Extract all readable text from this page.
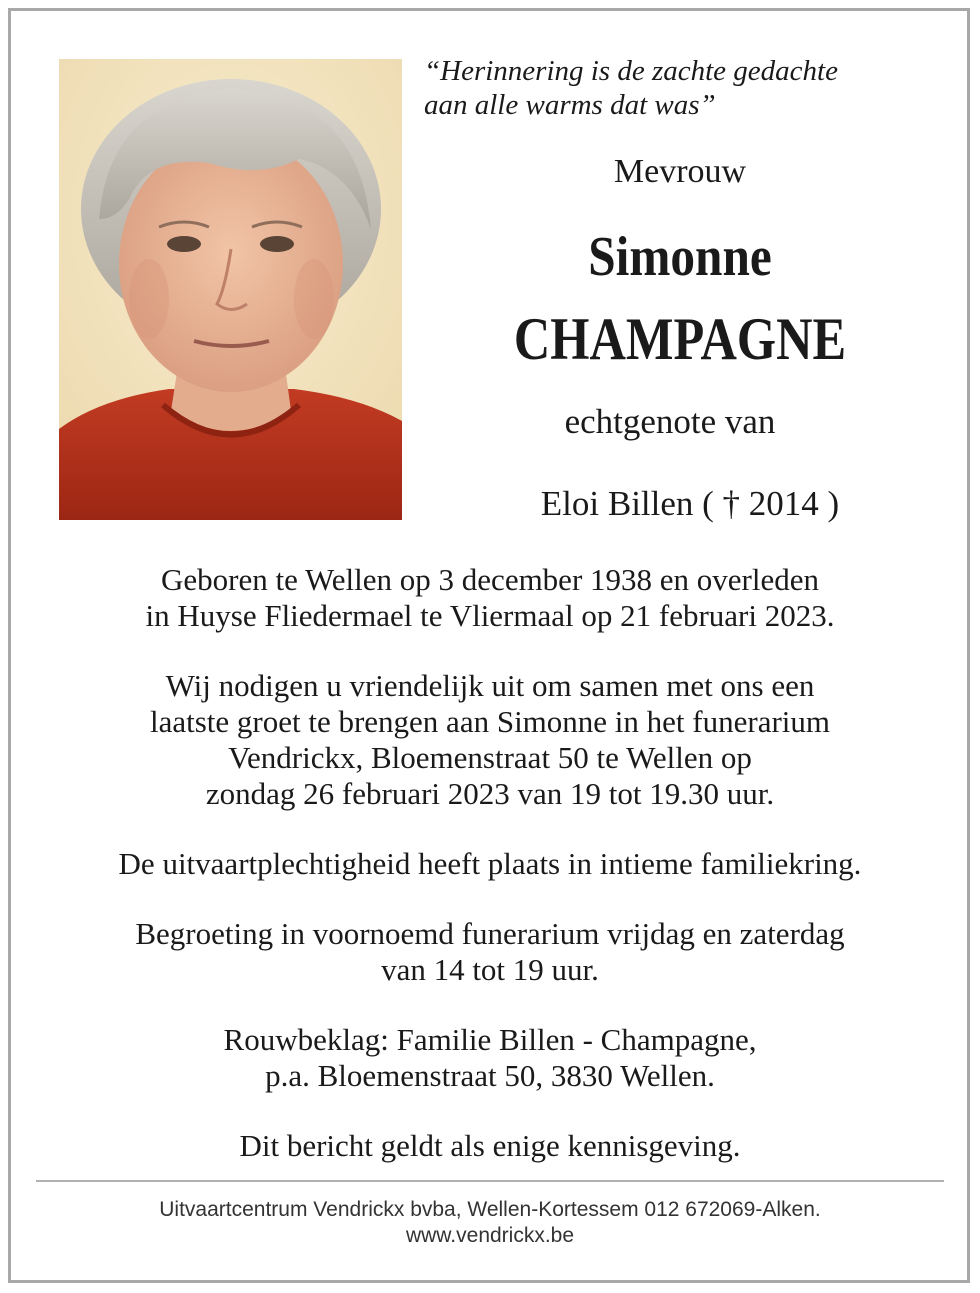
“Herinnering is de zachte gedachte
aan alle warms dat was”
Mevrouw
Simonne
CHAMPAGNE
echtgenote van
Eloi Billen ( † 2014 )

Geboren te Wellen op 3 december 1938 en overleden
in Huyse Fliedermael te Vliermaal op 21 februari 2023.

Wij nodigen u vriendelijk uit om samen met ons een
laatste groet te brengen aan Simonne in het funerarium
Vendrickx, Bloemenstraat 50 te Wellen op
zondag 26 februari 2023 van 19 tot 19.30 uur.

De uitvaartplechtigheid heeft plaats in intieme familiekring.

Begroeting in voornoemd funerarium vrijdag en zaterdag
van 14 tot 19 uur.

Rouwbeklag: Familie Billen - Champagne,
p.a. Bloemenstraat 50, 3830 Wellen.

Dit bericht geldt als enige kennisgeving.

Uitvaartcentrum Vendrickx bvba, Wellen-Kortessem 012 672069-Alken.
www.vendrickx.be
